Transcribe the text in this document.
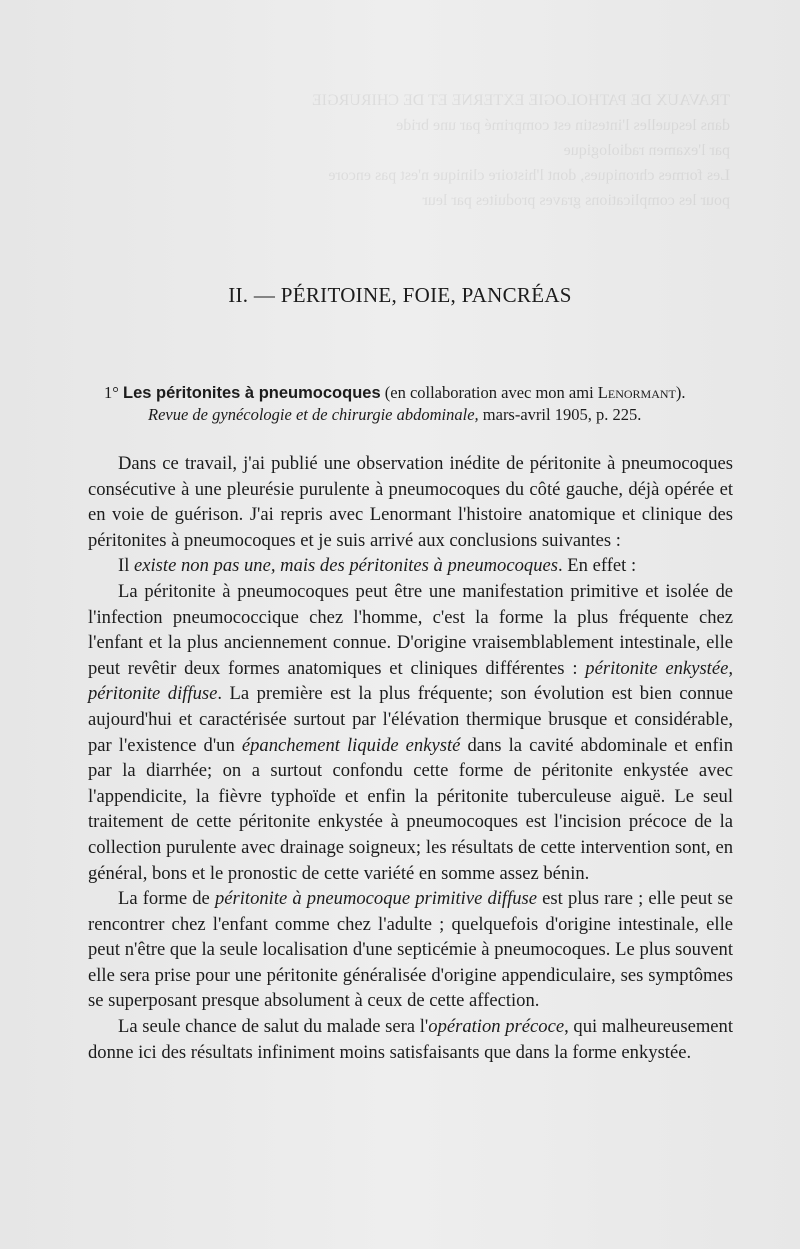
TRAVAUX DE PATHOLOGIE EXTERNE ET DE CHIRURGIE
dans lesquelles l'intestin est comprimé par une bride
par l'examen radiologique
Les formes chroniques, dont l'histoire clinique n'est pas encore
pour les complications graves produites par leur
II. — PÉRITOINE, FOIE, PANCRÉAS
1° Les péritonites à pneumocoques (en collaboration avec mon ami Lenormant).
Revue de gynécologie et de chirurgie abdominale, mars-avril 1905, p. 225.

Dans ce travail, j'ai publié une observation inédite de péritonite à pneumocoques consécutive à une pleurésie purulente à pneumocoques du côté gauche, déjà opérée et en voie de guérison. J'ai repris avec Lenormant l'histoire anatomique et clinique des péritonites à pneumocoques et je suis arrivé aux conclusions suivantes :

Il existe non pas une, mais des péritonites à pneumocoques. En effet :

La péritonite à pneumocoques peut être une manifestation primitive et isolée de l'infection pneumococcique chez l'homme, c'est la forme la plus fréquente chez l'enfant et la plus anciennement connue. D'origine vraisemblablement intestinale, elle peut revêtir deux formes anatomiques et cliniques différentes : péritonite enkystée, péritonite diffuse. La première est la plus fréquente; son évolution est bien connue aujourd'hui et caractérisée surtout par l'élévation thermique brusque et considérable, par l'existence d'un épanchement liquide enkysté dans la cavité abdominale et enfin par la diarrhée; on a surtout confondu cette forme de péritonite enkystée avec l'appendicite, la fièvre typhoïde et enfin la péritonite tuberculeuse aiguë. Le seul traitement de cette péritonite enkystée à pneumocoques est l'incision précoce de la collection purulente avec drainage soigneux; les résultats de cette intervention sont, en général, bons et le pronostic de cette variété en somme assez bénin.

La forme de péritonite à pneumocoque primitive diffuse est plus rare ; elle peut se rencontrer chez l'enfant comme chez l'adulte ; quelquefois d'origine intestinale, elle peut n'être que la seule localisation d'une septicémie à pneumocoques. Le plus souvent elle sera prise pour une péritonite généralisée d'origine appendiculaire, ses symptômes se superposant presque absolument à ceux de cette affection.

La seule chance de salut du malade sera l'opération précoce, qui malheureusement donne ici des résultats infiniment moins satisfaisants que dans la forme enkystée.
